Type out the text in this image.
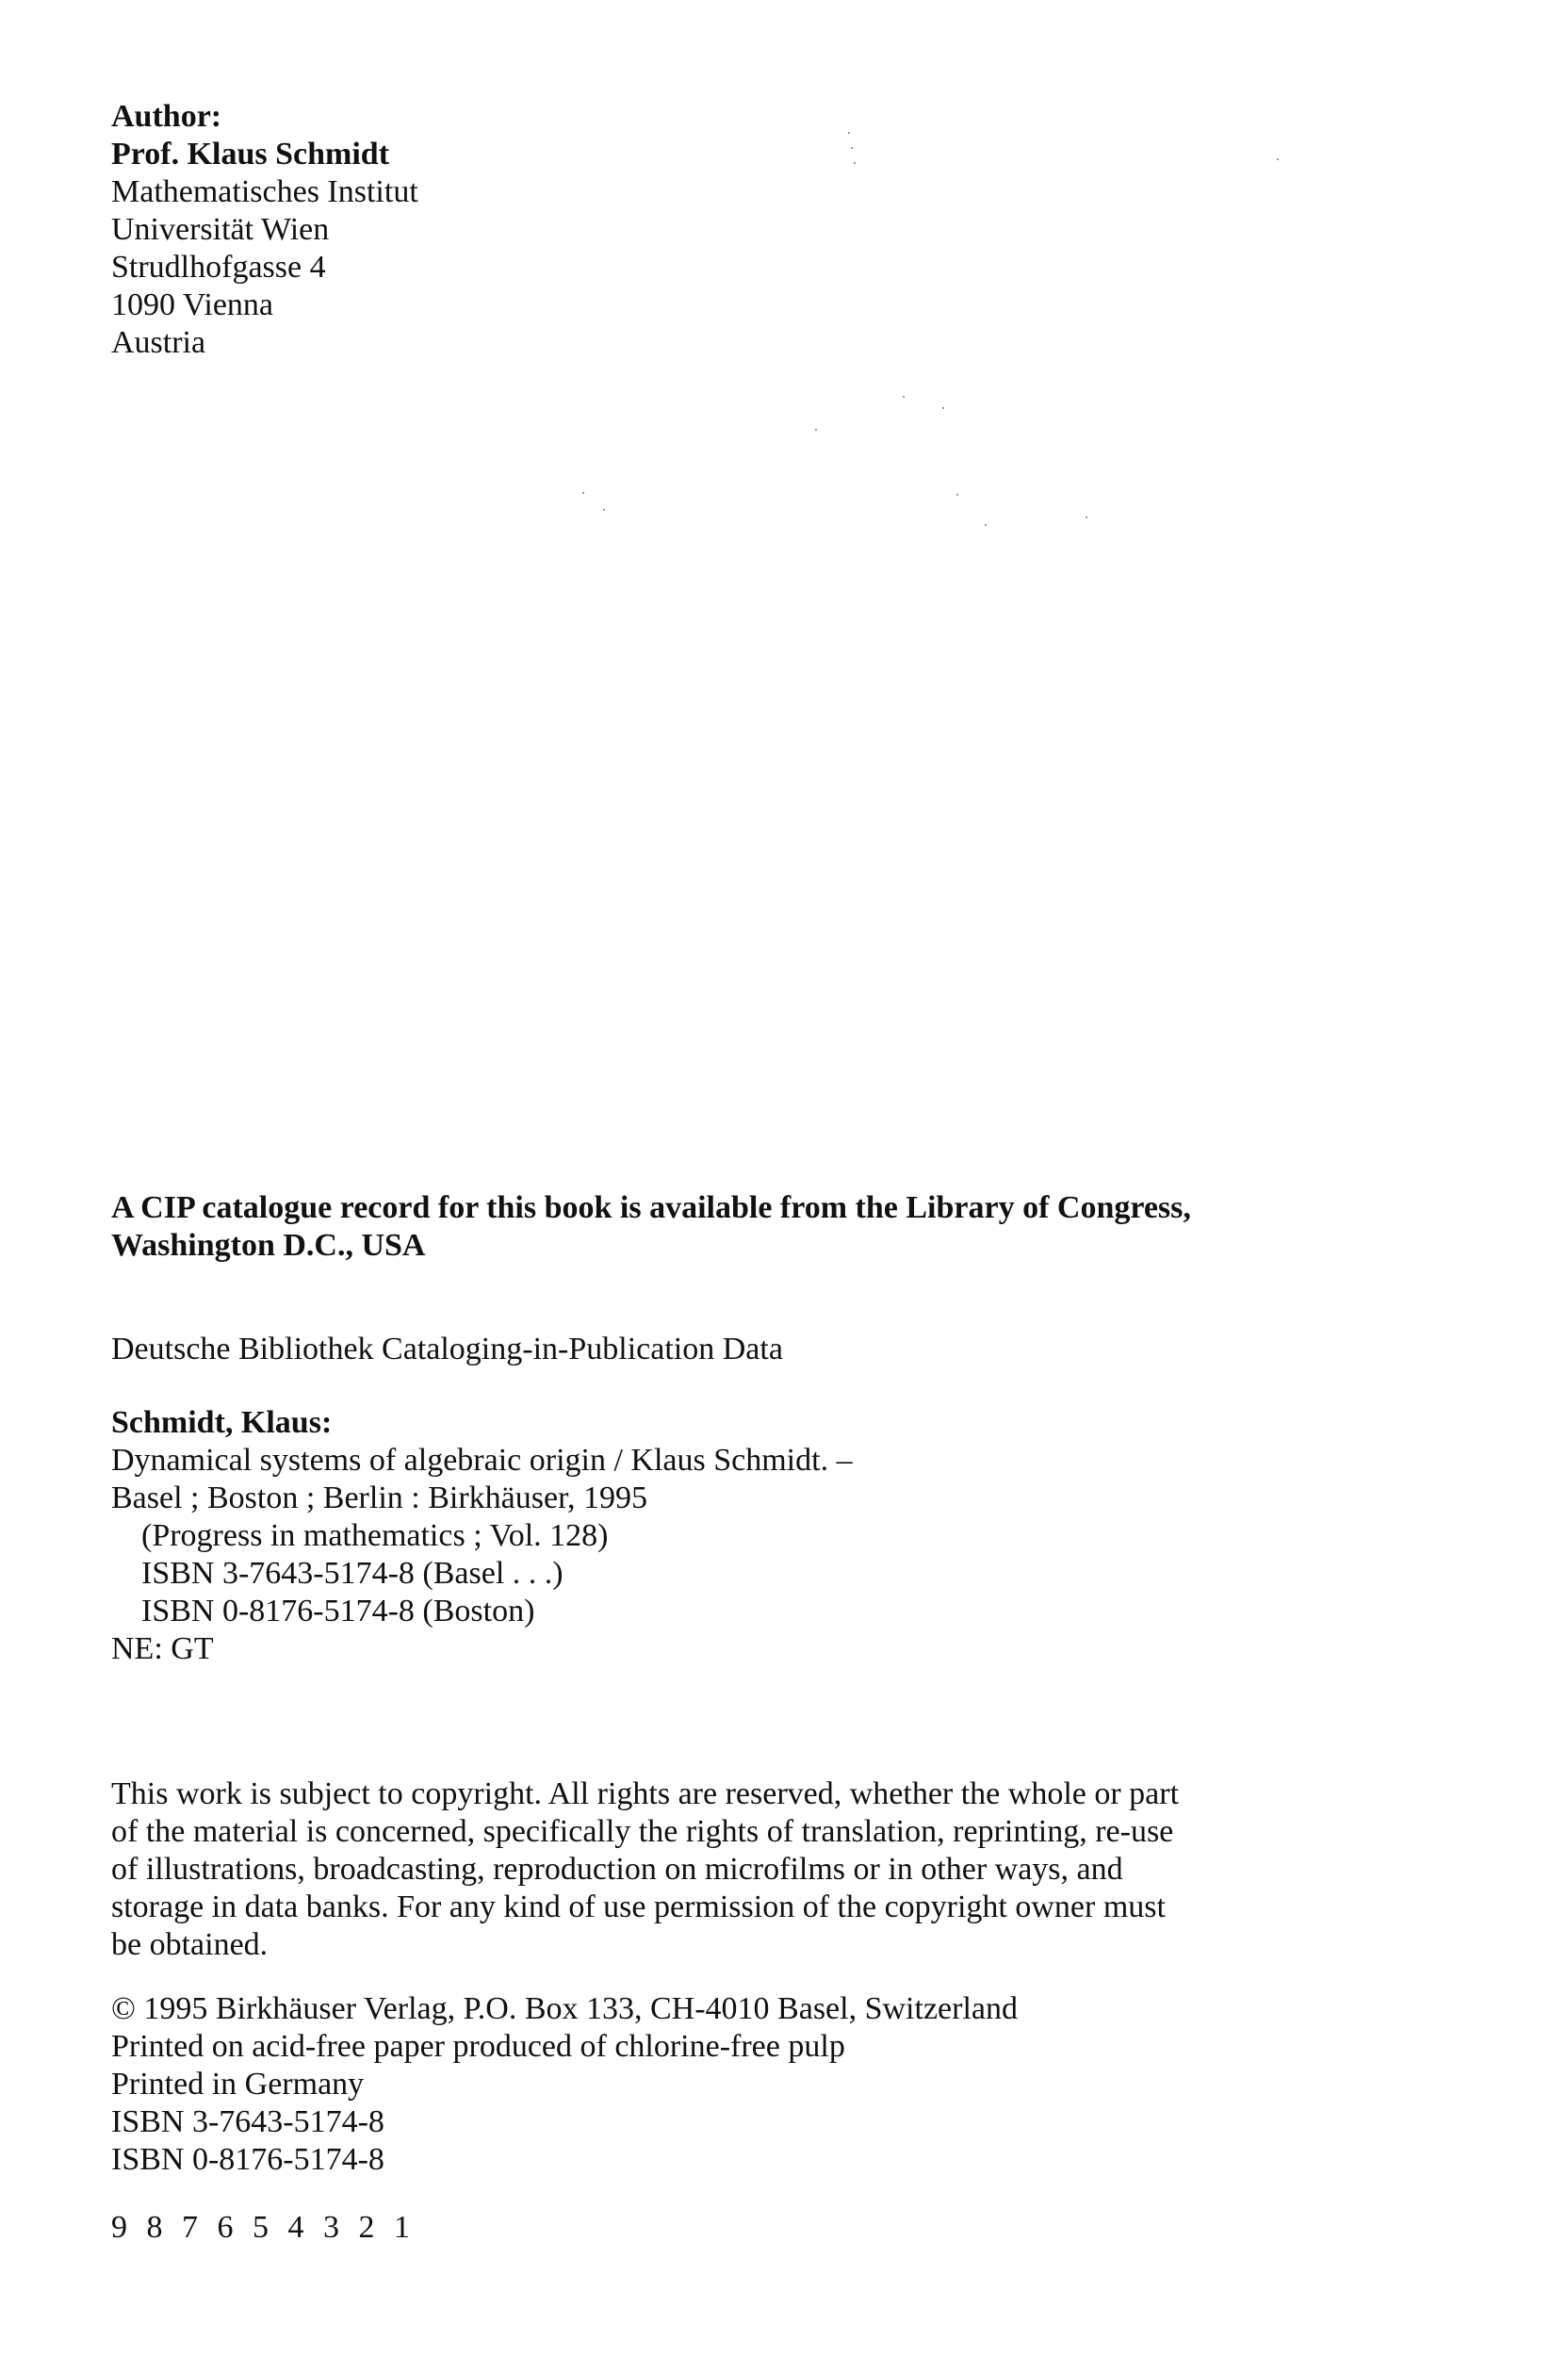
Author:
Prof. Klaus Schmidt
Mathematisches Institut
Universität Wien
Strudlhofgasse 4
1090 Vienna
Austria
A CIP catalogue record for this book is available from the Library of Congress,
Washington D.C., USA
Deutsche Bibliothek Cataloging-in-Publication Data
Schmidt, Klaus:
Dynamical systems of algebraic origin / Klaus Schmidt. –
Basel ; Boston ; Berlin : Birkhäuser, 1995
(Progress in mathematics ; Vol. 128)
ISBN 3-7643-5174-8 (Basel . . .)
ISBN 0-8176-5174-8 (Boston)
NE: GT
This work is subject to copyright. All rights are reserved, whether the whole or part
of the material is concerned, specifically the rights of translation, reprinting, re-use
of illustrations, broadcasting, reproduction on microfilms or in other ways, and
storage in data banks. For any kind of use permission of the copyright owner must
be obtained.
© 1995 Birkhäuser Verlag, P.O. Box 133, CH-4010 Basel, Switzerland
Printed on acid-free paper produced of chlorine-free pulp
Printed in Germany
ISBN 3-7643-5174-8
ISBN 0-8176-5174-8
9 8 7 6 5 4 3 2 1
